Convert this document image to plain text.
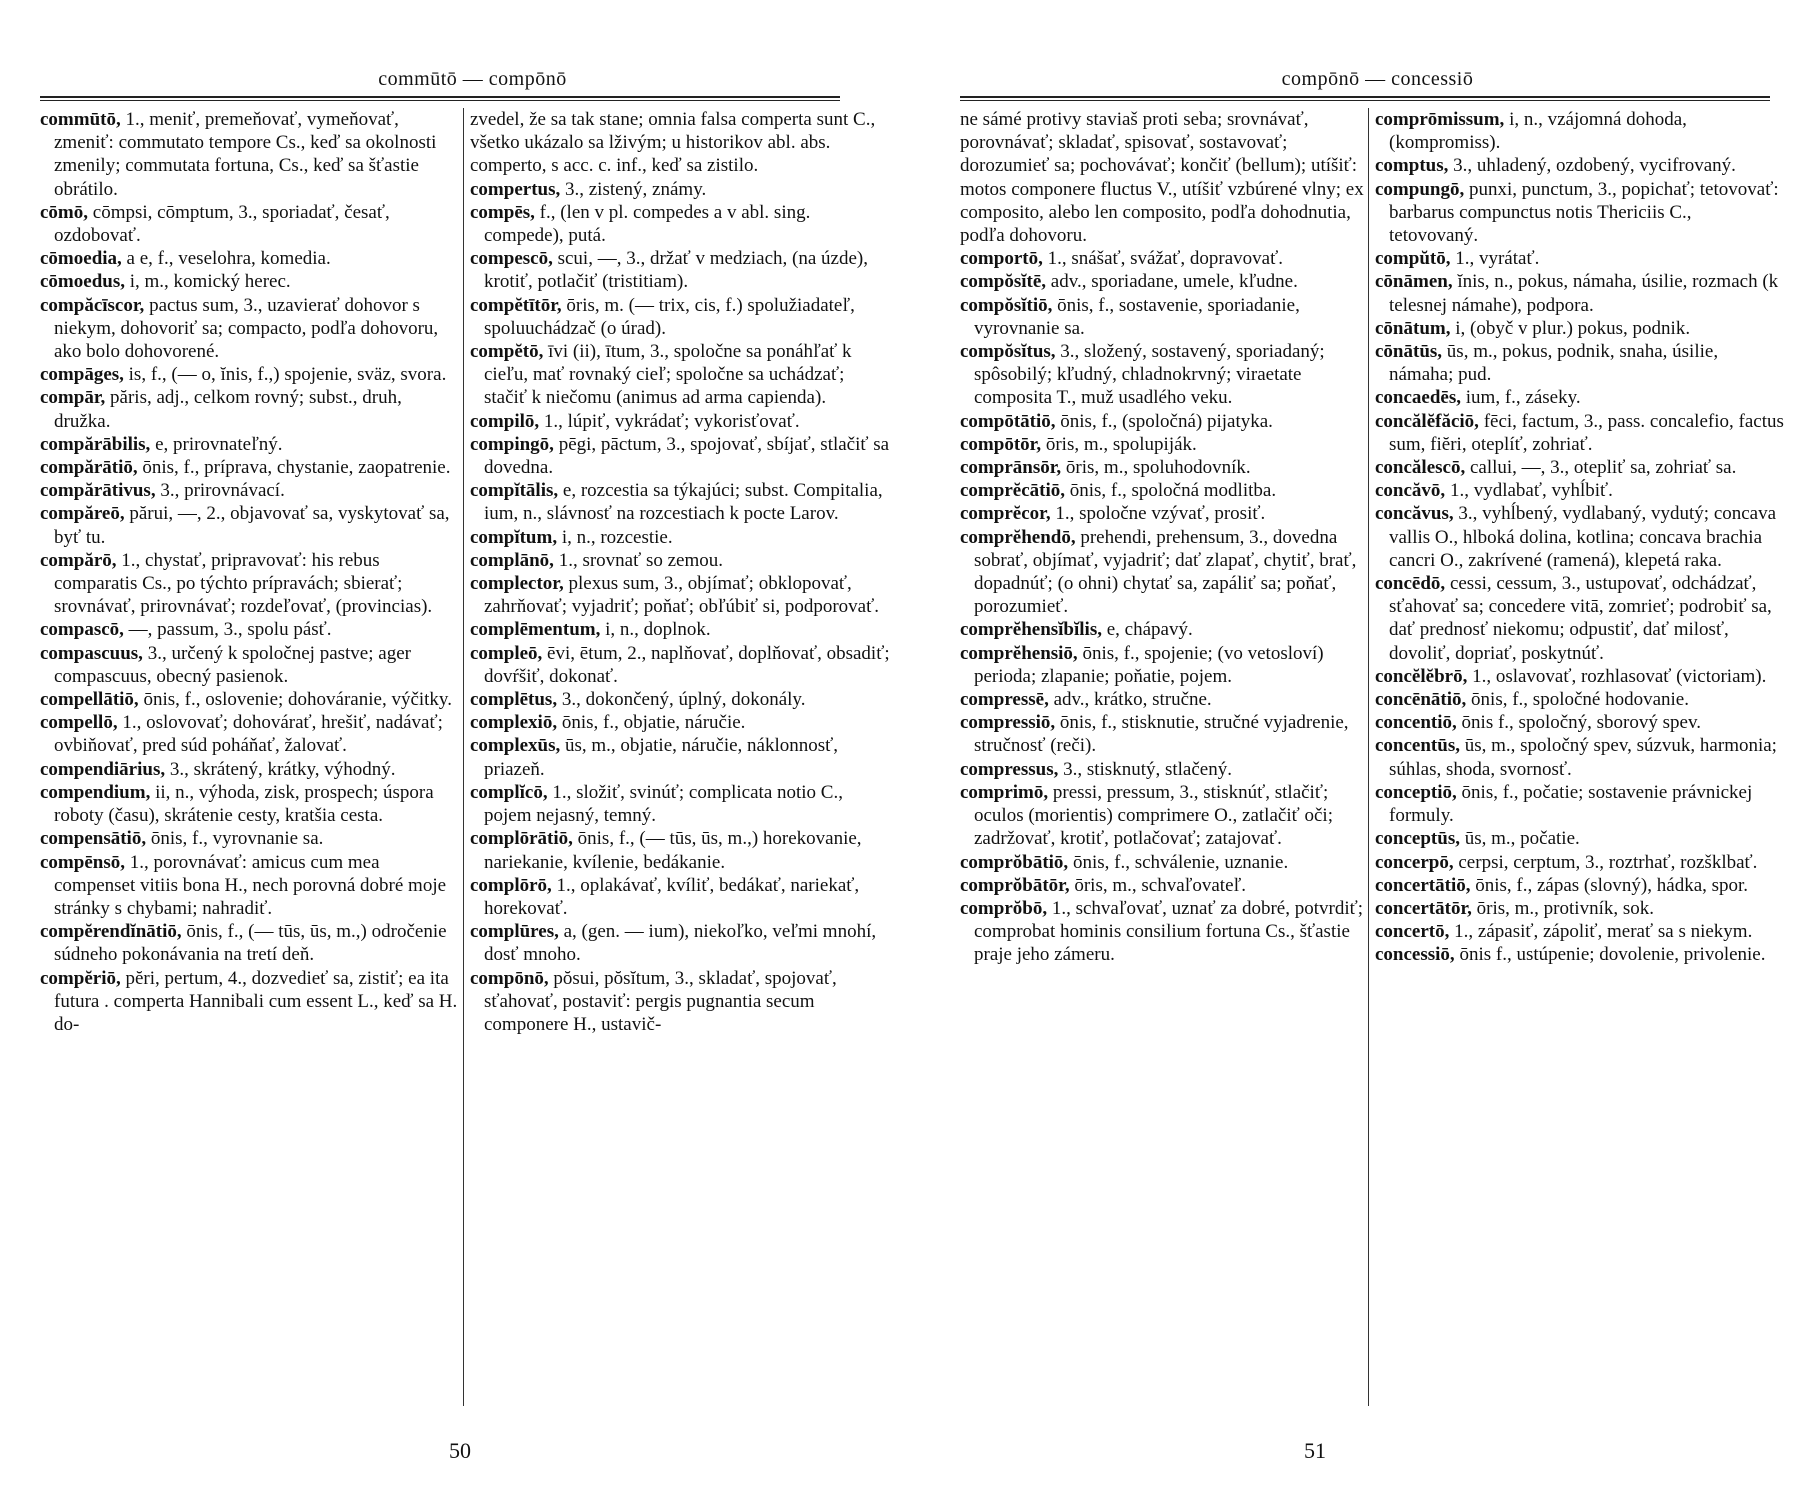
commūtō — compōnō

commūtō, 1., meniť, premeňovať, vymeňovať, zmeniť: commutato tempore Cs., keď sa okolnosti zmenily; commutata fortuna, Cs., keď sa šťastie obrátilo.

cōmō, cōmpsi, cōmptum, 3., sporiadať, česať, ozdobovať.

cōmoedia, a e, f., veselohra, komedia.

cōmoedus, i, m., komický herec.

compăcīscor, pactus sum, 3., uzavierať dohovor s niekym, dohovoriť sa; compacto, podľa dohovoru, ako bolo dohovorené.

compāges, is, f., (— o, ĭnis, f.,) spojenie, sväz, svora.

compār, păris, adj., celkom rovný; subst., druh, družka.

compărābilis, e, prirovnateľný.

compărātiō, ōnis, f., príprava, chystanie, zaopatrenie.

compărātivus, 3., prirovnávací.

compăreō, părui, —, 2., objavovať sa, vyskytovať sa, byť tu.

compărō, 1., chystať, pripravovať: his rebus comparatis Cs., po týchto prípravách; sbierať; srovnávať, prirovnávať; rozdeľovať, (provincias).

compascō, —, passum, 3., spolu pásť.

compascuus, 3., určený k spoločnej pastve; ager compascuus, obecný pasienok.

compellātiō, ōnis, f., oslovenie; dohováranie, výčitky.

compellō, 1., oslovovať; dohovárať, hrešiť, nadávať; ovbiňovať, pred súd poháňať, žalovať.

compendiārius, 3., skrátený, krátky, výhodný.

compendium, ii, n., výhoda, zisk, prospech; úspora roboty (času), skrátenie cesty, kratšia cesta.

compensātiō, ōnis, f., vyrovnanie sa.

compēnsō, 1., porovnávať: amicus cum mea compenset vitiis bona H., nech porovná dobré moje stránky s chybami; nahradiť.

compĕrendĭnātiō, ōnis, f., (— tūs, ūs, m.,) odročenie súdneho pokonávania na tretí deň.

compĕriō, pĕri, pertum, 4., dozvedieť sa, zistiť; ea ita futura . comperta Hannibali cum essent L., keď sa H. do-

zvedel, že sa tak stane; omnia falsa comperta sunt C., všetko ukázalo sa lživým; u historikov abl. abs. comperto, s acc. c. inf., keď sa zistilo.

compertus, 3., zistený, známy.

compēs, f., (len v pl. compedes a v abl. sing. compede), putá.

compescō, scui, —, 3., držať v medziach, (na úzde), krotiť, potlačiť (tristitiam).

compĕtītōr, ōris, m. (— trix, cis, f.) spolužiadateľ, spoluuchádzač (o úrad).

compĕtō, īvi (ii), ītum, 3., spoločne sa ponáhľať k cieľu, mať rovnaký cieľ; spoločne sa uchádzať; stačiť k niečomu (animus ad arma capienda).

compilō, 1., lúpiť, vykrádať; vykorisťovať.

compingō, pēgi, pāctum, 3., spojovať, sbíjať, stlačiť sa dovedna.

compĭtālis, e, rozcestia sa týkajúci; subst. Compitalia, ium, n., slávnosť na rozcestiach k pocte Larov.

compĭtum, i, n., rozcestie.

complānō, 1., srovnať so zemou.

complector, plexus sum, 3., objímať; obklopovať, zahrňovať; vyjadriť; poňať; obľúbiť si, podporovať.

complēmentum, i, n., doplnok.

compleō, ēvi, ētum, 2., naplňovať, doplňovať, obsadiť; dovŕšiť, dokonať.

complētus, 3., dokončený, úplný, dokonály.

complexiō, ōnis, f., objatie, náručie.

complexūs, ūs, m., objatie, náručie, náklonnosť, priazeň.

complĭcō, 1., složiť, svinúť; complicata notio C., pojem nejasný, temný.

complōrātiō, ōnis, f., (— tūs, ūs, m.,) horekovanie, nariekanie, kvílenie, bedákanie.

complōrō, 1., oplakávať, kvíliť, bedákať, nariekať, horekovať.

complūres, a, (gen. — ium), niekoľko, veľmi mnohí, dosť mnoho.

compōnō, pŏsui, pŏsĭtum, 3., skladať, spojovať, sťahovať, postaviť: pergis pugnantia secum componere H., ustavič-

50
compōnō — concessiō

ne sámé protivy staviaš proti seba; srovnávať, porovnávať; skladať, spisovať, sostavovať; dorozumieť sa; pochovávať; končiť (bellum); utíšiť: motos componere fluctus V., utíšiť vzbúrené vlny; ex composito, alebo len composito, podľa dohodnutia, podľa dohovoru.

comportō, 1., snášať, svážať, dopravovať.

compŏsĭtē, adv., sporiadane, umele, kľudne.

compŏsĭtiō, ōnis, f., sostavenie, sporiadanie, vyrovnanie sa.

compŏsĭtus, 3., složený, sostavený, sporiadaný; spôsobilý; kľudný, chladnokrvný; viraetate composita T., muž usadlého veku.

compōtātiō, ōnis, f., (spoločná) pijatyka.

compōtōr, ōris, m., spolupiják.

comprānsōr, ōris, m., spoluhodovník.

comprĕcātiō, ōnis, f., spoločná modlitba.

comprĕcor, 1., spoločne vzývať, prosiť.

comprĕhendō, prehendi, prehensum, 3., dovedna sobrať, objímať, vyjadriť; dať zlapať, chytiť, brať, dopadnúť; (o ohni) chytať sa, zapáliť sa; poňať, porozumieť.

comprĕhensĭbĭlis, e, chápavý.

comprĕhensiō, ōnis, f., spojenie; (vo vetosloví) perioda; zlapanie; poňatie, pojem.

compressē, adv., krátko, stručne.

compressiō, ōnis, f., stisknutie, stručné vyjadrenie, stručnosť (reči).

compressus, 3., stisknutý, stlačený.

comprimō, pressi, pressum, 3., stisknúť, stlačiť; oculos (morientis) comprimere O., zatlačiť oči; zadržovať, krotiť, potlačovať; zatajovať.

comprŏbātiō, ōnis, f., schválenie, uznanie.

comprŏbātōr, ōris, m., schvaľovateľ.

comprŏbō, 1., schvaľovať, uznať za dobré, potvrdiť; comprobat hominis consilium fortuna Cs., šťastie praje jeho zámeru.

comprōmissum, i, n., vzájomná dohoda, (kompromiss).

comptus, 3., uhladený, ozdobený, vycifrovaný.

compungō, punxi, punctum, 3., popichať; tetovovať: barbarus compunctus notis Thericiis C., tetovovaný.

compŭtō, 1., vyrátať.

cōnāmen, ĭnis, n., pokus, námaha, úsilie, rozmach (k telesnej námahe), podpora.

cōnātum, i, (obyč v plur.) pokus, podnik.

cōnātūs, ūs, m., pokus, podnik, snaha, úsilie, námaha; pud.

concaedēs, ium, f., záseky.

concălĕfăciō, fēci, factum, 3., pass. concalefio, factus sum, fiĕri, oteplíť, zohriať.

concălescō, callui, —, 3., otepliť sa, zohriať sa.

concăvō, 1., vydlabať, vyhĺbiť.

concăvus, 3., vyhĺbený, vydlabaný, vydutý; concava vallis O., hlboká dolina, kotlina; concava brachia cancri O., zakrívené (ramená), klepetá raka.

concēdō, cessi, cessum, 3., ustupovať, odchádzať, sťahovať sa; concedere vitā, zomrieť; podrobiť sa, dať prednosť niekomu; odpustiť, dať milosť, dovoliť, dopriať, poskytnúť.

concĕlĕbrō, 1., oslavovať, rozhlasovať (victoriam).

concēnātiō, ōnis, f., spoločné hodovanie.

concentiō, ōnis f., spoločný, sborový spev.

concentūs, ūs, m., spoločný spev, súzvuk, harmonia; súhlas, shoda, svornosť.

conceptiō, ōnis, f., počatie; sostavenie právnickej formuly.

conceptūs, ūs, m., počatie.

concerpō, cerpsi, cerptum, 3., roztrhať, rozšklbať.

concertātiō, ōnis, f., zápas (slovný), hádka, spor.

concertātōr, ōris, m., protivník, sok.

concertō, 1., zápasiť, zápoliť, merať sa s niekym.

concessiō, ōnis f., ustúpenie; dovolenie, privolenie.

51
